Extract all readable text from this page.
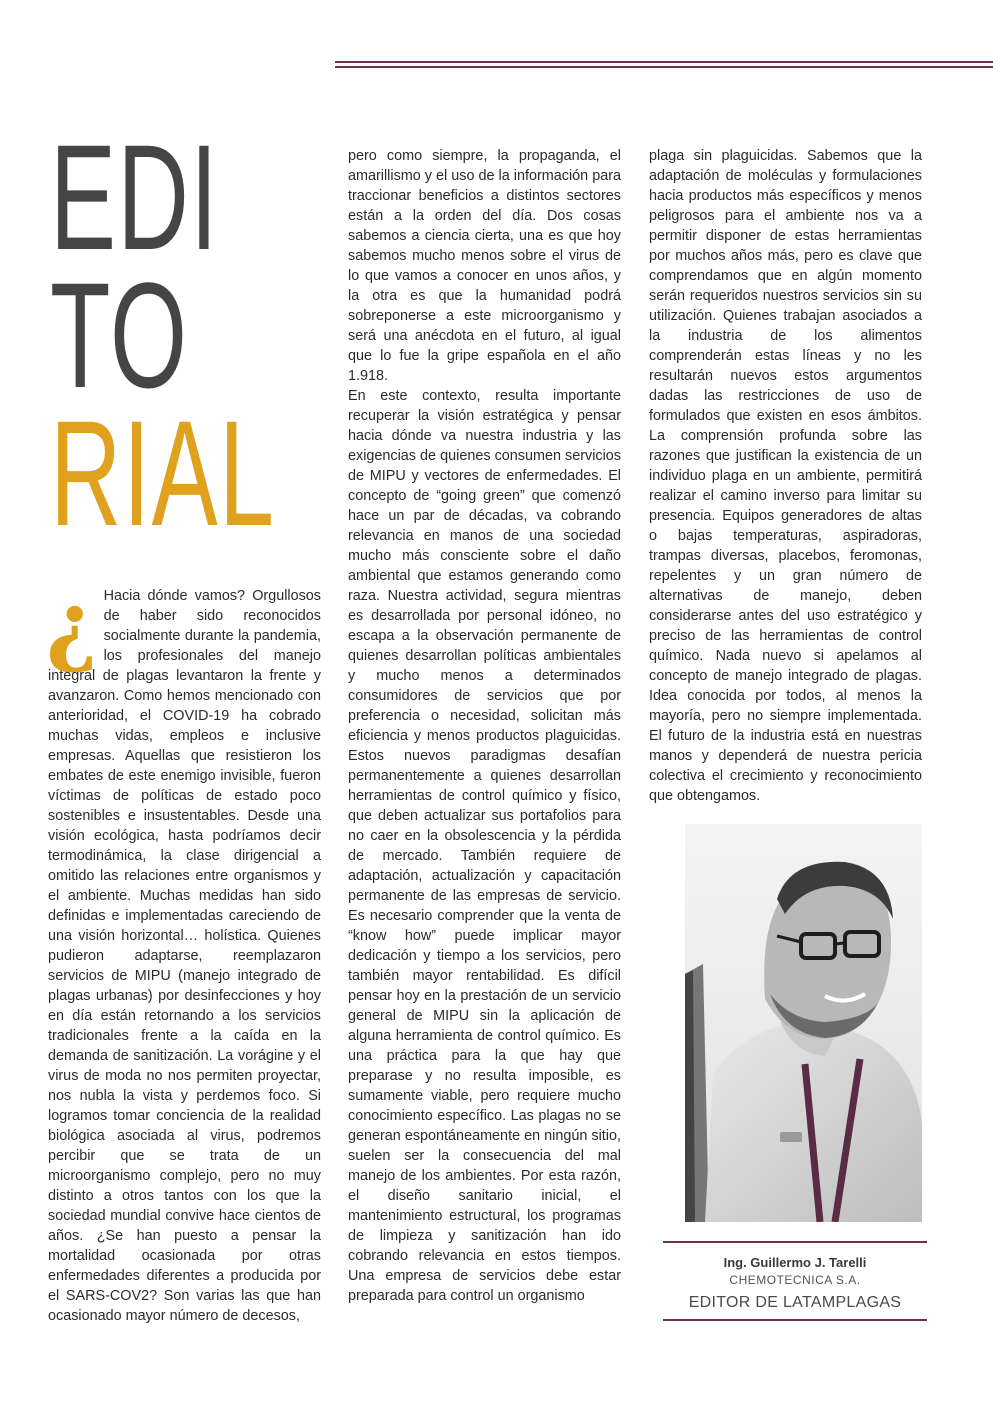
EDI
TO
RIAL
¿ Hacia dónde vamos? Orgullosos de haber sido reconocidos socialmente durante la pandemia, los profesionales del manejo integral de plagas levantaron la frente y avanzaron. Como hemos mencionado con anterioridad, el COVID-19 ha cobrado muchas vidas, empleos e inclusive empresas. Aquellas que resistieron los embates de este enemigo invisible, fueron víctimas de políticas de estado poco sostenibles e insustentables. Desde una visión ecológica, hasta podríamos decir termodinámica, la clase dirigencial a omitido las relaciones entre organismos y el ambiente. Muchas medidas han sido definidas e implementadas careciendo de una visión horizontal… holística. Quienes pudieron adaptarse, reemplazaron servicios de MIPU (manejo integrado de plagas urbanas) por desinfecciones y hoy en día están retornando a los servicios tradicionales frente a la caída en la demanda de sanitización. La vorágine y el virus de moda no nos permiten proyectar, nos nubla la vista y perdemos foco. Si logramos tomar conciencia de la realidad biológica asociada al virus, podremos percibir que se trata de un microorganismo complejo, pero no muy distinto a otros tantos con los que la sociedad mundial convive hace cientos de años. ¿Se han puesto a pensar la mortalidad ocasionada por otras enfermedades diferentes a producida por el SARS-COV2? Son varias las que han ocasionado mayor número de decesos,

pero como siempre, la propaganda, el amarillismo y el uso de la información para traccionar beneficios a distintos sectores están a la orden del día. Dos cosas sabemos a ciencia cierta, una es que hoy sabemos mucho menos sobre el virus de lo que vamos a conocer en unos años, y la otra es que la humanidad podrá sobreponerse a este microorganismo y será una anécdota en el futuro, al igual que lo fue la gripe española en el año 1.918.

En este contexto, resulta importante recuperar la visión estratégica y pensar hacia dónde va nuestra industria y las exigencias de quienes consumen servicios de MIPU y vectores de enfermedades. El concepto de “going green” que comenzó hace un par de décadas, va cobrando relevancia en manos de una sociedad mucho más consciente sobre el daño ambiental que estamos generando como raza. Nuestra actividad, segura mientras es desarrollada por personal idóneo, no escapa a la observación permanente de quienes desarrollan políticas ambientales y mucho menos a determinados consumidores de servicios que por preferencia o necesidad, solicitan más eficiencia y menos productos plaguicidas. Estos nuevos paradigmas desafían permanentemente a quienes desarrollan herramientas de control químico y físico, que deben actualizar sus portafolios para no caer en la obsolescencia y la pérdida de mercado. También requiere de adaptación, actualización y capacitación permanente de las empresas de servicio. Es necesario comprender que la venta de “know how” puede implicar mayor dedicación y tiempo a los servicios, pero también mayor rentabilidad. Es difícil pensar hoy en la prestación de un servicio general de MIPU sin la aplicación de alguna herramienta de control químico. Es una práctica para la que hay que preparase y no resulta imposible, es sumamente viable, pero requiere mucho conocimiento específico. Las plagas no se generan espontáneamente en ningún sitio, suelen ser la consecuencia del mal manejo de los ambientes. Por esta razón, el diseño sanitario inicial, el mantenimiento estructural, los programas de limpieza y sanitización han ido cobrando relevancia en estos tiempos. Una empresa de servicios debe estar preparada para control un organismo

plaga sin plaguicidas. Sabemos que la adaptación de moléculas y formulaciones hacia productos más específicos y menos peligrosos para el ambiente nos va a permitir disponer de estas herramientas por muchos años más, pero es clave que comprendamos que en algún momento serán requeridos nuestros servicios sin su utilización. Quienes trabajan asociados a la industria de los alimentos comprenderán estas líneas y no les resultarán nuevos estos argumentos dadas las restricciones de uso de formulados que existen en esos ámbitos. La comprensión profunda sobre las razones que justifican la existencia de un individuo plaga en un ambiente, permitirá realizar el camino inverso para limitar su presencia. Equipos generadores de altas o bajas temperaturas, aspiradoras, trampas diversas, placebos, feromonas, repelentes y un gran número de alternativas de manejo, deben considerarse antes del uso estratégico y preciso de las herramientas de control químico. Nada nuevo si apelamos al concepto de manejo integrado de plagas. Idea conocida por todos, al menos la mayoría, pero no siempre implementada. El futuro de la industria está en nuestras manos y dependerá de nuestra pericia colectiva el crecimiento y reconocimiento que obtengamos.

Ing. Guillermo J. Tarelli
CHEMOTECNICA S.A.
EDITOR DE LATAMPLAGAS
